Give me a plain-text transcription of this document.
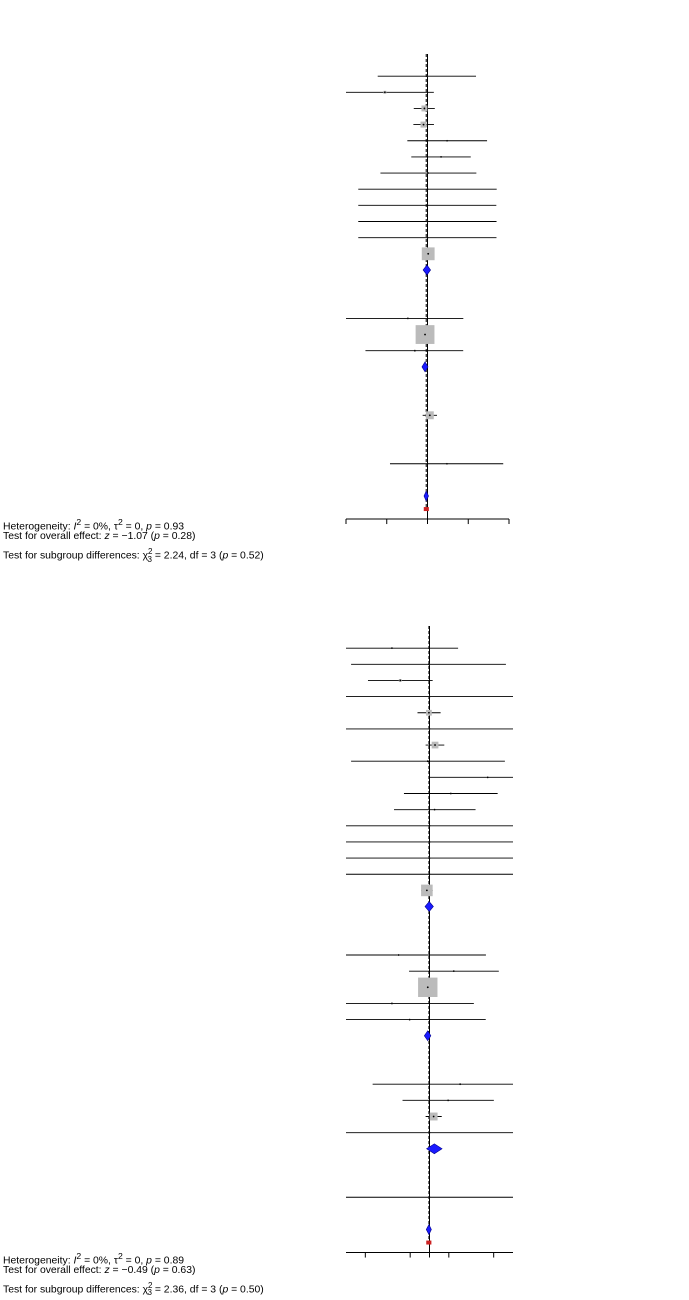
Heterogeneity: $I^2 = 0\%$, $\tau^2 = 0$, p = 0.93
Test for overall effect: z = −1.07 (p = 0.28)
Test for subgroup differences: $\chi^2_3 = 2.24$, df = 3 (p = 0.52)
Heterogeneity: $I^2 = 0\%$, $\tau^2 = 0$, p = 0.89
Test for overall effect: z = −0.49 (p = 0.63)
Test for subgroup differences: $\chi^2_3 = 2.36$, df = 3 (p = 0.50)
